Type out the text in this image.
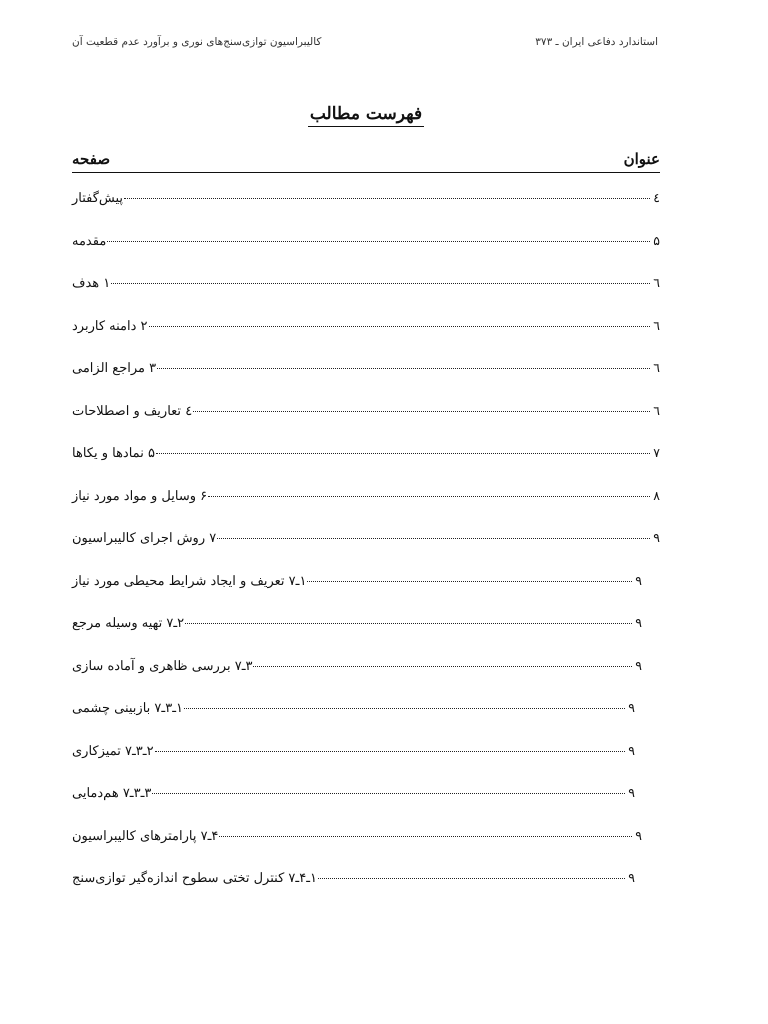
استاندارد دفاعی ایران ـ ۳۷۳
کالیبراسیون توازی‌سنج‌های نوری و برآورد عدم قطعیت آن
فهرست مطالب
عنوان
صفحه
پیش‌گفتار	٤
مقدمه	۵
۱ هدف	٦
۲ دامنه کاربرد	٦
۳ مراجع الزامی	٦
٤ تعاریف و اصطلاحات	٦
۵ نمادها و یکاها	۷
۶ وسایل و مواد مورد نیاز	۸
۷ روش اجرای کالیبراسیون	۹
۱ـ۷ تعریف و ایجاد شرایط محیطی مورد نیاز	۹
۲ـ۷ تهیه وسیله مرجع	۹
۳ـ۷ بررسی ظاهری و آماده سازی	۹
۱ـ۳ـ۷ بازبینی چشمی	۹
۲ـ۳ـ۷ تمیزکاری	۹
۳ـ۳ـ۷ هم‌دمایی	۹
۴ـ۷ پارامترهای کالیبراسیون	۹
۱ـ۴ـ۷ کنترل تختی سطوح اندازه‌گیر توازی‌سنج	۹
